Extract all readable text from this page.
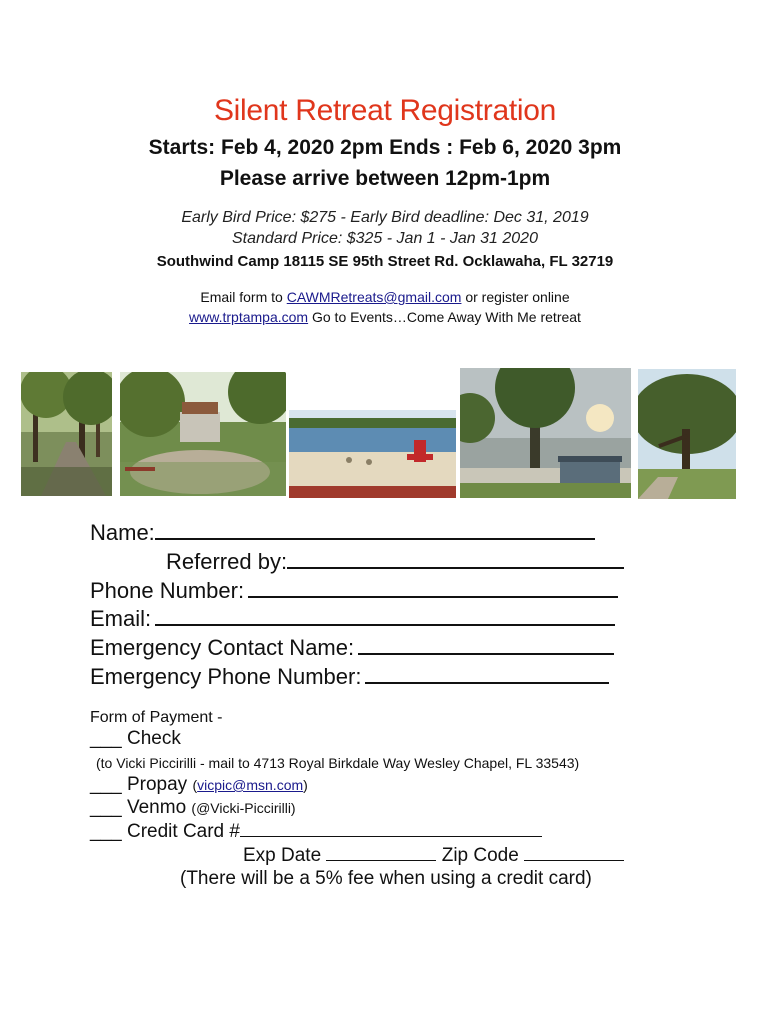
Silent Retreat Registration
Starts: Feb 4, 2020 2pm Ends : Feb 6, 2020 3pm
Please arrive between 12pm-1pm
Early Bird Price: $275 - Early Bird deadline: Dec 31, 2019
Standard Price: $325 - Jan 1 - Jan 31 2020
Southwind Camp 18115 SE 95th Street Rd. Ocklawaha, FL 32719
Email form to CAWMRetreats@gmail.com or register online
www.trptampa.com Go to Events…Come Away With Me retreat
Name:
Referred by:
Phone Number:
Email:
Emergency Contact Name:
Emergency Phone Number:
Form of Payment -
___ Check
(to Vicki Piccirilli - mail to 4713 Royal Birkdale Way Wesley Chapel, FL 33543)
___ Propay (vicpic@msn.com)
___ Venmo (@Vicki-Piccirilli)
___ Credit Card #
Exp Date	Zip Code
(There will be a 5% fee when using a credit card)
